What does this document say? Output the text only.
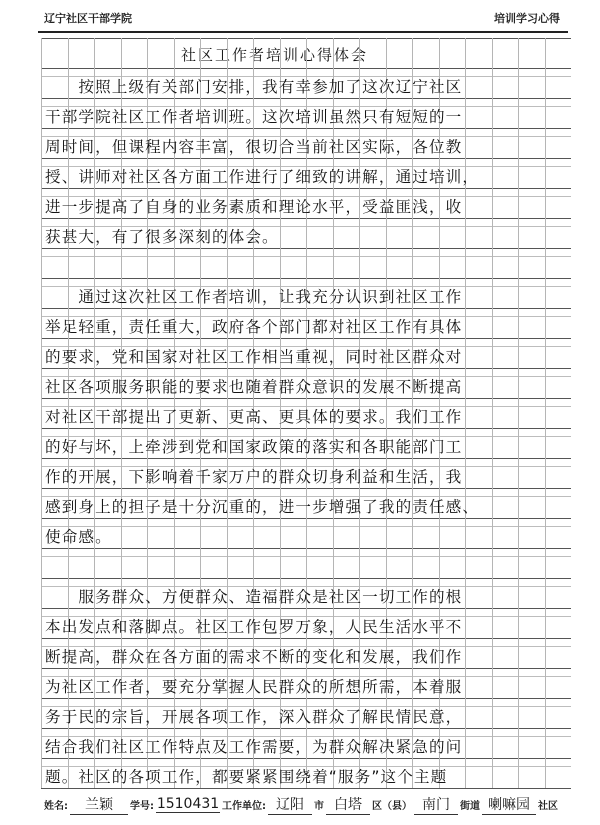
辽宁社区干部学院	培训学习心得
社区工作者培训心得体会
　　按照上级有关部门安排，我有幸参加了这次辽宁社区
干部学院社区工作者培训班。这次培训虽然只有短短的一
周时间，但课程内容丰富，很切合当前社区实际，各位教
授、讲师对社区各方面工作进行了细致的讲解，通过培训，
进一步提高了自身的业务素质和理论水平，受益匪浅，收
获甚大，有了很多深刻的体会。
　　通过这次社区工作者培训，让我充分认识到社区工作
举足轻重，责任重大，政府各个部门都对社区工作有具体
的要求，党和国家对社区工作相当重视，同时社区群众对
社区各项服务职能的要求也随着群众意识的发展不断提高
对社区干部提出了更新、更高、更具体的要求。我们工作
的好与坏，上牵涉到党和国家政策的落实和各职能部门工
作的开展，下影响着千家万户的群众切身利益和生活，我
感到身上的担子是十分沉重的，进一步增强了我的责任感、
使命感。
　　服务群众、方便群众、造福群众是社区一切工作的根
本出发点和落脚点。社区工作包罗万象，人民生活水平不
断提高，群众在各方面的需求不断的变化和发展，我们作
为社区工作者，要充分掌握人民群众的所想所需，本着服
务于民的宗旨，开展各项工作，深入群众了解民情民意，
结合我们社区工作特点及工作需要，为群众解决紧急的问
题。社区的各项工作，都要紧紧围绕着“服务”这个主题
姓名:	兰颖	学号: 1510431 工作单位: 辽阳	市 白塔	区（县） 南门	街道 喇嘛园 社区
